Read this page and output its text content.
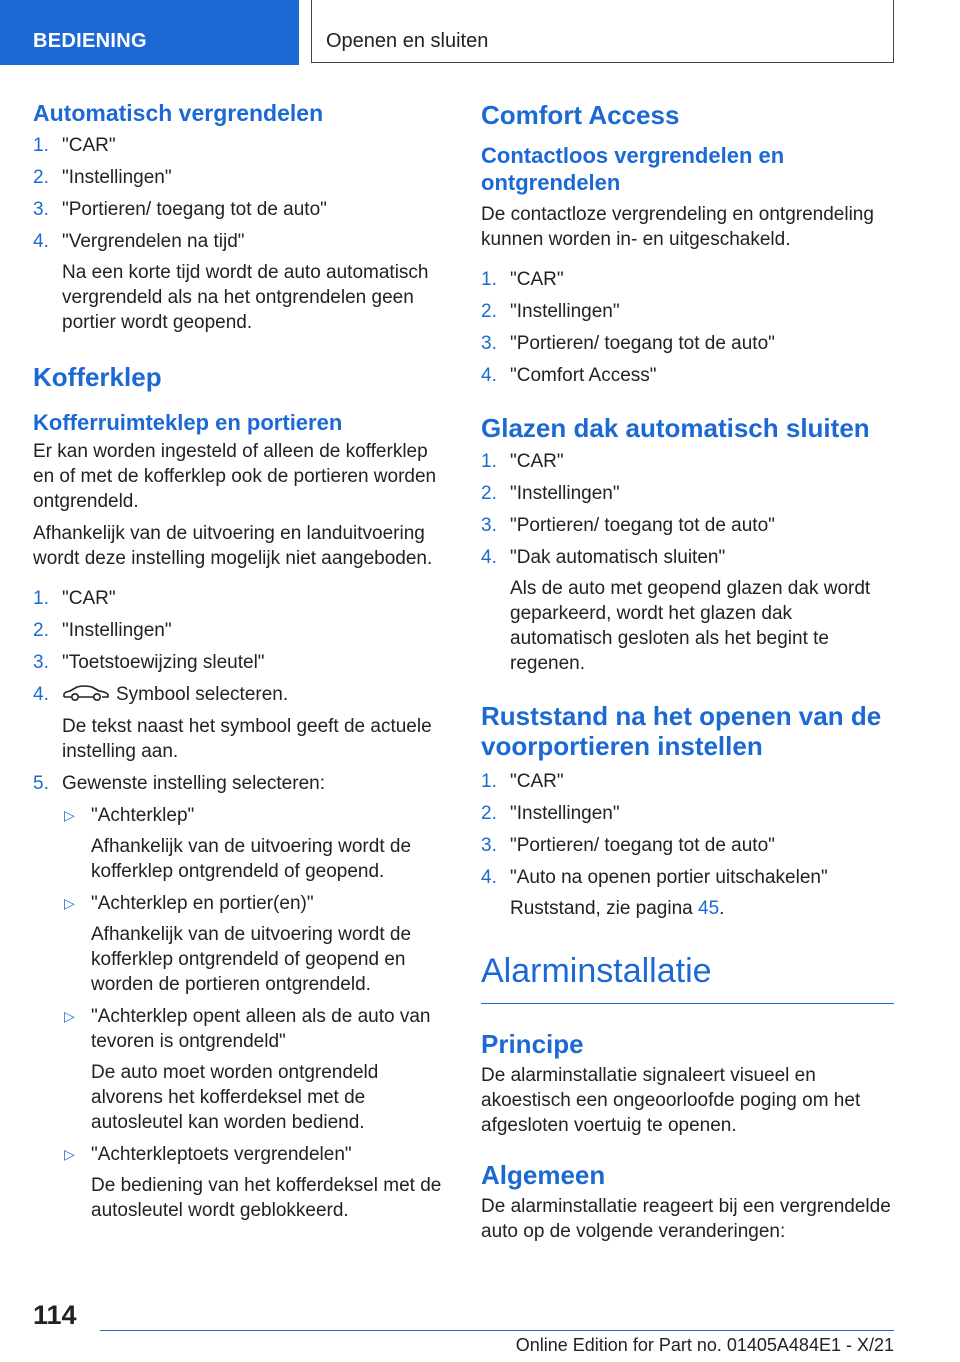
BEDIENING	Openen en sluiten
Automatisch vergrendelen
1. "CAR"
2. "Instellingen"
3. "Portieren/ toegang tot de auto"
4. "Vergrendelen na tijd"
Na een korte tijd wordt de auto automatisch vergrendeld als na het ontgrendelen geen portier wordt geopend.
Kofferklep
Kofferruimteklep en portieren

Er kan worden ingesteld of alleen de kofferklep en of met de kofferklep ook de portieren worden ontgrendeld.

Afhankelijk van de uitvoering en landuitvoering wordt deze instelling mogelijk niet aangeboden.

1. "CAR"
2. "Instellingen"
3. "Toetstoewijzing sleutel"
4.	Symbool selecteren.
De tekst naast het symbool geeft de actuele instelling aan.
5. Gewenste instelling selecteren:
▷ "Achterklep"
Afhankelijk van de uitvoering wordt de kofferklep ontgrendeld of geopend.
▷ "Achterklep en portier(en)"
Afhankelijk van de uitvoering wordt de kofferklep ontgrendeld of geopend en worden de portieren ontgrendeld.
▷ "Achterklep opent alleen als de auto van tevoren is ontgrendeld"
De auto moet worden ontgrendeld alvorens het kofferdeksel met de autosleutel kan worden bediend.
▷ "Achterkleptoets vergrendelen"
De bediening van het kofferdeksel met de autosleutel wordt geblokkeerd.
Comfort Access
Contactloos vergrendelen en ontgrendelen

De contactloze vergrendeling en ontgrendeling kunnen worden in- en uitgeschakeld.

1. "CAR"
2. "Instellingen"
3. "Portieren/ toegang tot de auto"
4. "Comfort Access"
Glazen dak automatisch sluiten
1. "CAR"
2. "Instellingen"
3. "Portieren/ toegang tot de auto"
4. "Dak automatisch sluiten"
Als de auto met geopend glazen dak wordt geparkeerd, wordt het glazen dak automatisch gesloten als het begint te regenen.
Ruststand na het openen van de voorportieren instellen
1. "CAR"
2. "Instellingen"
3. "Portieren/ toegang tot de auto"
4. "Auto na openen portier uitschakelen"
Ruststand, zie pagina 45.
Alarminstallatie
Principe

De alarminstallatie signaleert visueel en akoestisch een ongeoorloofde poging om het afgesloten voertuig te openen.

Algemeen

De alarminstallatie reageert bij een vergrendelde auto op de volgende veranderingen:

114
Online Edition for Part no. 01405A484E1 - X/21
